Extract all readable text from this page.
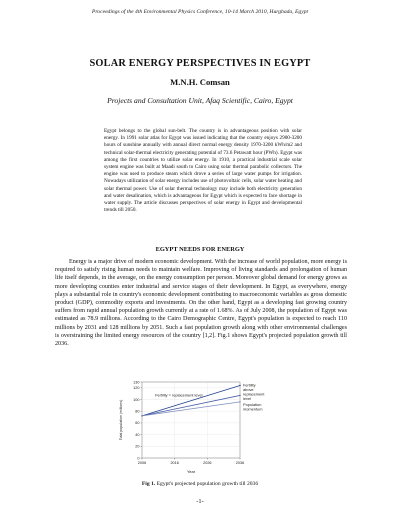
Proceedings of the 4th Environmental Physics Conference, 10-14 March 2010, Hurghada, Egypt
SOLAR ENERGY PERSPECTIVES IN EGYPT
M.N.H. Comsan
Projects and Consultation Unit, Afaq Scientific, Cairo, Egypt
Egypt belongs to the global sun-belt. The country is in advantageous position with solar energy. In 1991 solar atlas for Egypt was issued indicating that the country enjoys 2900-3200 hours of sunshine annually with annual direct normal energy density 1970-3200 kWh/m2 and technical solar-thermal electricity generating potential of 73.6 Petawatt hour (PWh). Egypt was among the first countries to utilize solar energy. In 1910, a practical industrial scale solar system engine was built at Maadi south to Cairo using solar thermal parabolic collectors. The engine was used to produce steam which drove a series of large water pumps for irrigation. Nowadays utilization of solar energy includes use of photovoltaic cells, solar water heating and solar thermal power. Use of solar thermal technology may include both electricity generation and water desalination, which is advantageous for Egypt which is expected to face shortage in water supply. The article discusses perspectives of solar energy in Egypt and developmental trends till 2050.
EGYPT NEEDS FOR ENERGY

Energy is a major drive of modern economic development. With the increase of world population, more energy is required to satisfy rising human needs to maintain welfare. Improving of living standards and prolongation of human life itself depends, in the average, on the energy consumption per person. Moreover global demand for energy grows as more developing counties enter industrial and service stages of their development. In Egypt, as everywhere, energy plays a substantial role in country's economic development contributing to macroeconomic variables as gross domestic product (GDP), commodity exports and investments. On the other hand, Egypt as a developing fast growing country suffers from rapid annual population growth currently at a rate of 1.68%. As of July 2008, the population of Egypt was estimated as 78.9 millions. According to the Cairo Demographic Centre, Egypt's population is expected to reach 110 millions by 2031 and 128 millions by 2051. Such a fast population growth along with other environmental challenges is overstraining the limited energy resources of the country [1,2]. Fig.1 shows Egypt's projected population growth till 2036.

0
20
40
60
80
100
120
130
2006	2016	2026	2036
Year
Total population (millions)
Fertility = replacement level
Fertility
above
replacement
level
Population
momentum
Fig 1. Egypt's projected population growth till 2036
-1-
